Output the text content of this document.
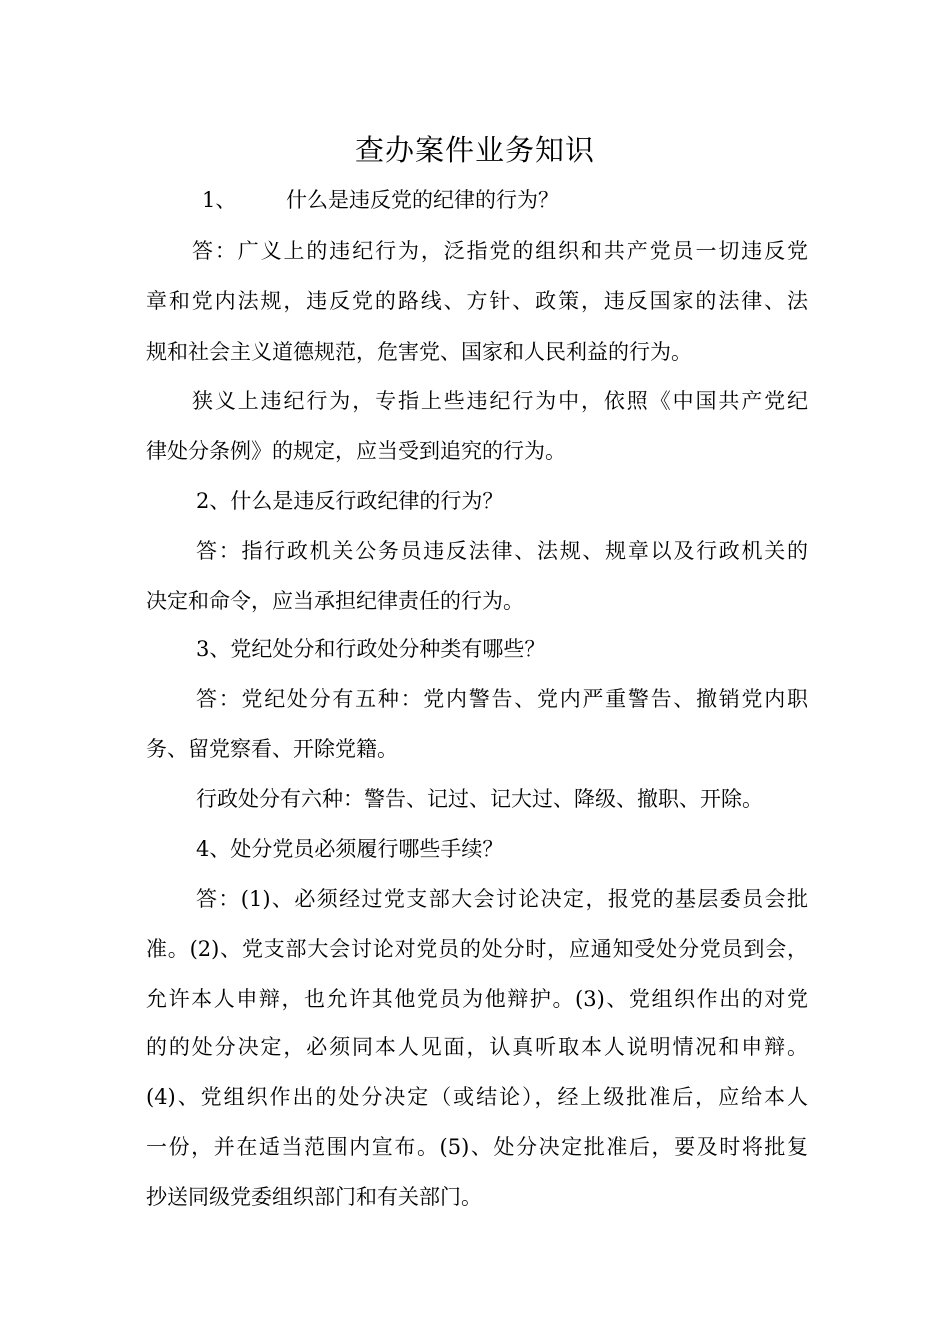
查办案件业务知识
1、 什么是违反党的纪律的行为？
答：广义上的违纪行为，泛指党的组织和共产党员一切违反党
章和党内法规，违反党的路线、方针、政策，违反国家的法律、法
规和社会主义道德规范，危害党、国家和人民利益的行为。
狭义上违纪行为，专指上些违纪行为中，依照《中国共产党纪
律处分条例》的规定，应当受到追究的行为。
2、什么是违反行政纪律的行为？
答：指行政机关公务员违反法律、法规、规章以及行政机关的
决定和命令，应当承担纪律责任的行为。
3、党纪处分和行政处分种类有哪些？
答：党纪处分有五种：党内警告、党内严重警告、撤销党内职
务、留党察看、开除党籍。
行政处分有六种：警告、记过、记大过、降级、撤职、开除。
4、处分党员必须履行哪些手续？
答：(1)、必须经过党支部大会讨论决定，报党的基层委员会批
准。(2)、党支部大会讨论对党员的处分时，应通知受处分党员到会，
允许本人申辩，也允许其他党员为他辩护。(3)、党组织作出的对党
的的处分决定，必须同本人见面，认真听取本人说明情况和申辩。
(4)、党组织作出的处分决定（或结论），经上级批准后，应给本人
一份，并在适当范围内宣布。(5)、处分决定批准后，要及时将批复
抄送同级党委组织部门和有关部门。
